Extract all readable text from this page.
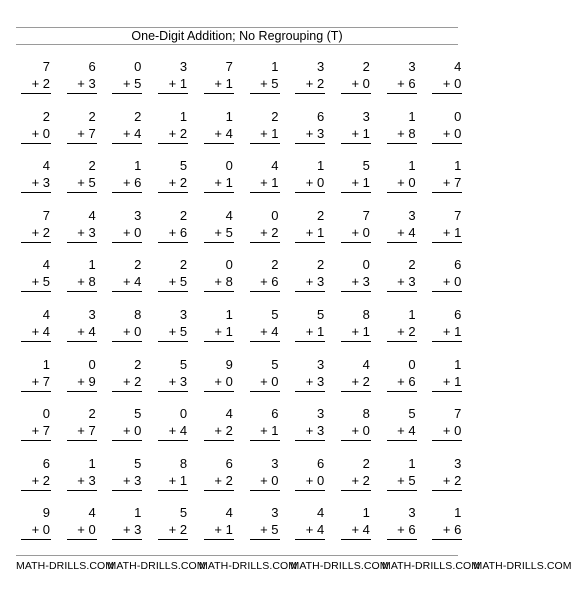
One-Digit Addition; No Regrouping (T)
7
+ 2
6
+ 3
0
+ 5
3
+ 1
7
+ 1
1
+ 5
3
+ 2
2
+ 0
3
+ 6
4
+ 0
2
+ 0
2
+ 7
2
+ 4
1
+ 2
1
+ 4
2
+ 1
6
+ 3
3
+ 1
1
+ 8
0
+ 0
4
+ 3
2
+ 5
1
+ 6
5
+ 2
0
+ 1
4
+ 1
1
+ 0
5
+ 1
1
+ 0
1
+ 7
7
+ 2
4
+ 3
3
+ 0
2
+ 6
4
+ 5
0
+ 2
2
+ 1
7
+ 0
3
+ 4
7
+ 1
4
+ 5
1
+ 8
2
+ 4
2
+ 5
0
+ 8
2
+ 6
2
+ 3
0
+ 3
2
+ 3
6
+ 0
4
+ 4
3
+ 4
8
+ 0
3
+ 5
1
+ 1
5
+ 4
5
+ 1
8
+ 1
1
+ 2
6
+ 1
1
+ 7
0
+ 9
2
+ 2
5
+ 3
9
+ 0
5
+ 0
3
+ 3
4
+ 2
0
+ 6
1
+ 1
0
+ 7
2
+ 7
5
+ 0
0
+ 4
4
+ 2
6
+ 1
3
+ 3
8
+ 0
5
+ 4
7
+ 0
6
+ 2
1
+ 3
5
+ 3
8
+ 1
6
+ 2
3
+ 0
6
+ 0
2
+ 2
1
+ 5
3
+ 2
9
+ 0
4
+ 0
1
+ 3
5
+ 2
4
+ 1
3
+ 5
4
+ 4
1
+ 4
3
+ 6
1
+ 6
MATH-DRILLS.COM
MATH-DRILLS.COM
MATH-DRILLS.COM
MATH-DRILLS.COM
MATH-DRILLS.COM
MATH-DRILLS.COM
